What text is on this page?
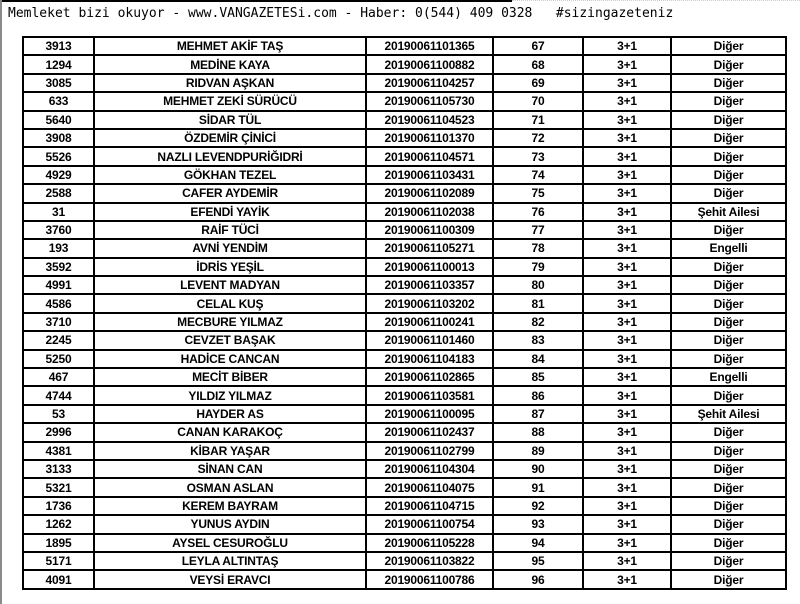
Memleket bizi okuyor - www.VANGAZETESi.com - Haber: 0(544) 409 0328   #sizingazeteniz
3913	MEHMET AKİF TAŞ	20190061101365	67	3+1	Diğer
1294	MEDİNE KAYA	20190061100882	68	3+1	Diğer
3085	RIDVAN AŞKAN	20190061104257	69	3+1	Diğer
633	MEHMET ZEKİ SÜRÜCÜ	20190061105730	70	3+1	Diğer
5640	SİDAR TÜL	20190061104523	71	3+1	Diğer
3908	ÖZDEMİR ÇİNİCİ	20190061101370	72	3+1	Diğer
5526	NAZLI LEVENDPURİĞIDRİ	20190061104571	73	3+1	Diğer
4929	GÖKHAN TEZEL	20190061103431	74	3+1	Diğer
2588	CAFER AYDEMİR	20190061102089	75	3+1	Diğer
31	EFENDİ YAYİK	20190061102038	76	3+1	Şehit Ailesi
3760	RAİF TÜCİ	20190061100309	77	3+1	Diğer
193	AVNİ YENDİM	20190061105271	78	3+1	Engelli
3592	İDRİS YEŞİL	20190061100013	79	3+1	Diğer
4991	LEVENT MADYAN	20190061103357	80	3+1	Diğer
4586	CELAL KUŞ	20190061103202	81	3+1	Diğer
3710	MECBURE YILMAZ	20190061100241	82	3+1	Diğer
2245	CEVZET BAŞAK	20190061101460	83	3+1	Diğer
5250	HADİCE CANCAN	20190061104183	84	3+1	Diğer
467	MECİT BİBER	20190061102865	85	3+1	Engelli
4744	YILDIZ YILMAZ	20190061103581	86	3+1	Diğer
53	HAYDER AS	20190061100095	87	3+1	Şehit Ailesi
2996	CANAN KARAKOÇ	20190061102437	88	3+1	Diğer
4381	KİBAR YAŞAR	20190061102799	89	3+1	Diğer
3133	SİNAN CAN	20190061104304	90	3+1	Diğer
5321	OSMAN ASLAN	20190061104075	91	3+1	Diğer
1736	KEREM BAYRAM	20190061104715	92	3+1	Diğer
1262	YUNUS AYDIN	20190061100754	93	3+1	Diğer
1895	AYSEL CESUROĞLU	20190061105228	94	3+1	Diğer
5171	LEYLA ALTINTAŞ	20190061103822	95	3+1	Diğer
4091	VEYSİ ERAVCI	20190061100786	96	3+1	Diğer
